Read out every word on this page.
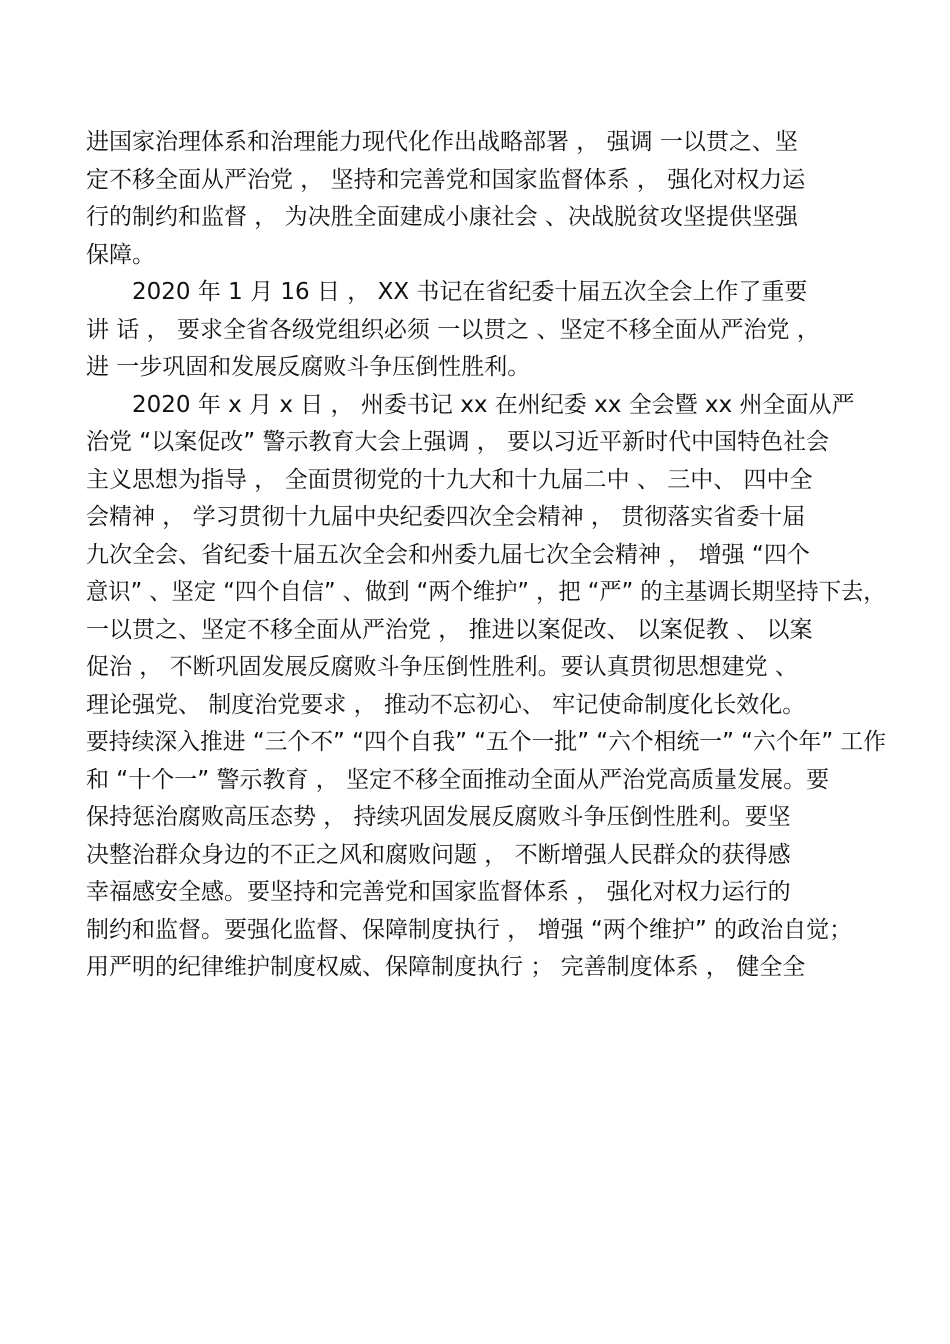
进国家治理体系和治理能力现代化作出战略部署 ， 强调 一以贯之、坚
定不移全面从严治党 ， 坚持和完善党和国家监督体系 ， 强化对权力运
行的制约和监督 ， 为决胜全面建成小康社会 、决战脱贫攻坚提供坚强
保障。
　　2020 年 1 月 16 日 ， XX 书记在省纪委十届五次全会上作了重要
讲 话 ， 要求全省各级党组织必须 一以贯之 、坚定不移全面从严治党 ，
进 一步巩固和发展反腐败斗争压倒性胜利。
　　2020 年 x 月 x 日 ， 州委书记 xx 在州纪委 xx 全会暨 xx 州全面从严
治党 “以案促改” 警示教育大会上强调 ， 要以习近平新时代中国特色社会
主义思想为指导 ， 全面贯彻党的十九大和十九届二中 、 三中、 四中全
会精神 ， 学习贯彻十九届中央纪委四次全会精神 ， 贯彻落实省委十届
九次全会、省纪委十届五次全会和州委九届七次全会精神 ， 增强 “四个
意识” 、坚定 “四个自信” 、做到 “两个维护” ，把 “严” 的主基调长期坚持下去，
一以贯之、坚定不移全面从严治党 ， 推进以案促改、 以案促教 、 以案
促治 ， 不断巩固发展反腐败斗争压倒性胜利。要认真贯彻思想建党 、
理论强党、 制度治党要求 ， 推动不忘初心、 牢记使命制度化长效化。
要持续深入推进 “三个不” “四个自我” “五个一批” “六个相统一” “六个年” 工作
和 “十个一” 警示教育 ， 坚定不移全面推动全面从严治党高质量发展。要
保持惩治腐败高压态势 ， 持续巩固发展反腐败斗争压倒性胜利。要坚
决整治群众身边的不正之风和腐败问题 ， 不断增强人民群众的获得感
幸福感安全感。要坚持和完善党和国家监督体系 ， 强化对权力运行的
制约和监督。要强化监督、保障制度执行 ， 增强 “两个维护” 的政治自觉；
用严明的纪律维护制度权威、保障制度执行 ； 完善制度体系 ， 健全全
